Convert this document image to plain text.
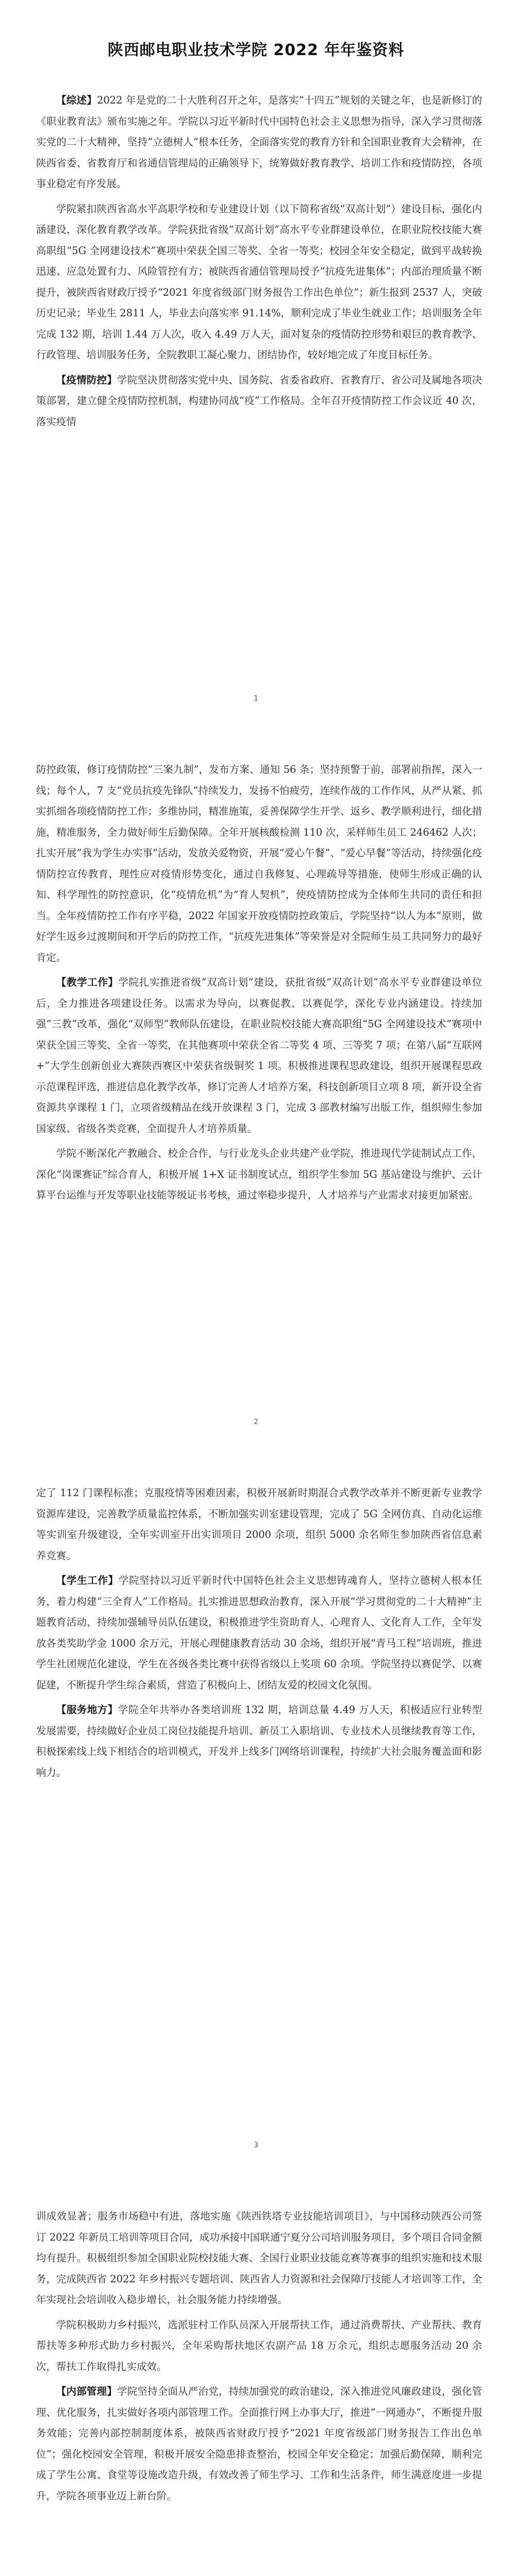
陕西邮电职业技术学院 2022 年年鉴资料

【综述】2022 年是党的二十大胜利召开之年，是落实“十四五”规划的关键之年，也是新修订的《职业教育法》颁布实施之年。学院以习近平新时代中国特色社会主义思想为指导，深入学习贯彻落实党的二十大精神，坚持“立德树人”根本任务，全面落实党的教育方针和全国职业教育大会精神，在陕西省委、省教育厅和省通信管理局的正确领导下，统筹做好教育教学、培训工作和疫情防控，各项事业稳定有序发展。

学院紧扣陕西省高水平高职学校和专业建设计划（以下简称省级“双高计划”）建设目标，强化内涵建设，深化教育教学改革。学院获批省级“双高计划”高水平专业群建设单位，在职业院校技能大赛高职组“5G 全网建设技术”赛项中荣获全国三等奖、全省一等奖；校园全年安全稳定，做到平战转换迅速、应急处置有力、风险管控有方；被陕西省通信管理局授予“抗疫先进集体”；内部治理质量不断提升，被陕西省财政厅授予“2021 年度省级部门财务报告工作出色单位”；新生报到 2537 人，突破历史记录；毕业生 2811 人，毕业去向落实率 91.14%，顺利完成了毕业生就业工作；培训服务全年完成 132 期，培训 1.44 万人次，收入 4.49 万人天，面对复杂的疫情防控形势和艰巨的教育教学、行政管理、培训服务任务，全院教职工凝心聚力、团结协作，较好地完成了年度目标任务。

【疫情防控】学院坚决贯彻落实党中央、国务院、省委省政府、省教育厅、省公司及属地各项决策部署，建立健全疫情防控机制，构建协同战“疫”工作格局。全年召开疫情防控工作会议近 40 次，落实疫情

1

防控政策，修订疫情防控“三案九制”，发布方案、通知 56 条；坚持预警于前，部署前指挥，深入一线；每个人，7 支“党员抗疫先锋队”持续发力，发扬不怕疲劳，连续作战的工作作风，从严从紧、抓实抓细各项疫情防控工作；多维协同，精准施策，妥善保障学生开学、返乡、教学顺利进行，细化措施，精准服务，全力做好师生后勤保障。全年开展核酸检测 110 次，采样师生员工 246462 人次；扎实开展“我为学生办实事”活动，发放关爱物资，开展“爱心午餐”、“爱心早餐”等活动，持续强化疫情防控宣传教育，理性应对疫情形势变化，通过自我修复、心理疏导等措施，使师生形成正确的认知、科学理性的防控意识，化“疫情危机”为“育人契机”，使疫情防控成为全体师生共同的责任和担当。全年疫情防控工作有序平稳，2022 年国家开放疫情防控政策后，学院坚持“以人为本”原则，做好学生返乡过渡期间和开学后的防控工作，“抗疫先进集体”等荣誉是对全院师生员工共同努力的最好肯定。

【教学工作】学院扎实推进省级“双高计划”建设，获批省级“双高计划”高水平专业群建设单位后，全力推进各项建设任务。以需求为导向，以赛促教、以赛促学，深化专业内涵建设。持续加强“三教”改革，强化“双师型”教师队伍建设，在职业院校技能大赛高职组“5G 全网建设技术”赛项中荣获全国三等奖、全省一等奖，在其他赛项中荣获全省二等奖 4 项、三等奖 7 项；在第八届“互联网+”大学生创新创业大赛陕西赛区中荣获省级铜奖 1 项。积极推进课程思政建设，组织开展课程思政示范课程评选，推进信息化教学改革，修订完善人才培养方案，科技创新项目立项 8 项，新开设全省资源共享课程 1 门，立项省级精品在线开放课程 3 门，完成 3 部教材编写出版工作，组织师生参加国家级、省级各类竞赛，全面提升人才培养质量。

学院不断深化产教融合、校企合作，与行业龙头企业共建产业学院，推进现代学徒制试点工作，深化“岗课赛证”综合育人，积极开展 1+X 证书制度试点，组织学生参加 5G 基站建设与维护、云计算平台运维与开发等职业技能等级证书考核，通过率稳步提升，人才培养与产业需求对接更加紧密。

2

定了 112 门课程标准；克服疫情等困难因素，积极开展新时期混合式教学改革并不断更新专业教学资源库建设，完善教学质量监控体系，不断加强实训室建设管理，完成了 5G 全网仿真、自动化运维等实训室升级建设，全年实训室开出实训项目 2000 余项，组织 5000 余名师生参加陕西省信息素养竞赛。

【学生工作】学院坚持以习近平新时代中国特色社会主义思想铸魂育人，坚持立德树人根本任务，着力构建“三全育人”工作格局。扎实推进思想政治教育，深入开展“学习贯彻党的二十大精神”主题教育活动，持续加强辅导员队伍建设，积极推进学生资助育人、心理育人、文化育人工作，全年发放各类奖助学金 1000 余万元，开展心理健康教育活动 30 余场，组织开展“青马工程”培训班，推进学生社团规范化建设，学生在各级各类比赛中获得省级以上奖项 60 余项。学院坚持以赛促学、以赛促建，不断提升学生综合素质，营造了积极向上、团结友爱的校园文化氛围。

【服务地方】学院全年共举办各类培训班 132 期，培训总量 4.49 万人天，积极适应行业转型发展需要，持续做好企业员工岗位技能提升培训、新员工入职培训、专业技术人员继续教育等工作，积极探索线上线下相结合的培训模式，开发并上线多门网络培训课程，持续扩大社会服务覆盖面和影响力。

3

训成效显著；服务市场稳中有进，落地实施《陕西铁塔专业技能培训项目》，与中国移动陕西公司签订 2022 年新员工培训等项目合同，成功承接中国联通宁夏分公司培训服务项目，多个项目合同金额均有提升。积极组织参加全国职业院校技能大赛、全国行业职业技能竞赛等赛事的组织实施和技术服务，完成陕西省 2022 年乡村振兴专题培训、陕西省人力资源和社会保障厅技能人才培训等工作，全年实现社会培训收入稳步增长，社会服务能力持续增强。

学院积极助力乡村振兴，选派驻村工作队员深入开展帮扶工作，通过消费帮扶、产业帮扶、教育帮扶等多种形式助力乡村振兴，全年采购帮扶地区农副产品 18 万余元，组织志愿服务活动 20 余次，帮扶工作取得扎实成效。

【内部管理】学院坚持全面从严治党，持续加强党的政治建设，深入推进党风廉政建设，强化管理、优化服务，扎实做好各项内部管理工作。全面推行网上办事大厅，推进“一网通办”，不断提升服务效能；完善内部控制制度体系，被陕西省财政厅授予“2021 年度省级部门财务报告工作出色单位”；强化校园安全管理，积极开展安全隐患排查整治，校园全年安全稳定；加强后勤保障，顺利完成了学生公寓、食堂等设施改造升级，有效改善了师生学习、工作和生活条件，师生满意度进一步提升，学院各项事业迈上新台阶。
